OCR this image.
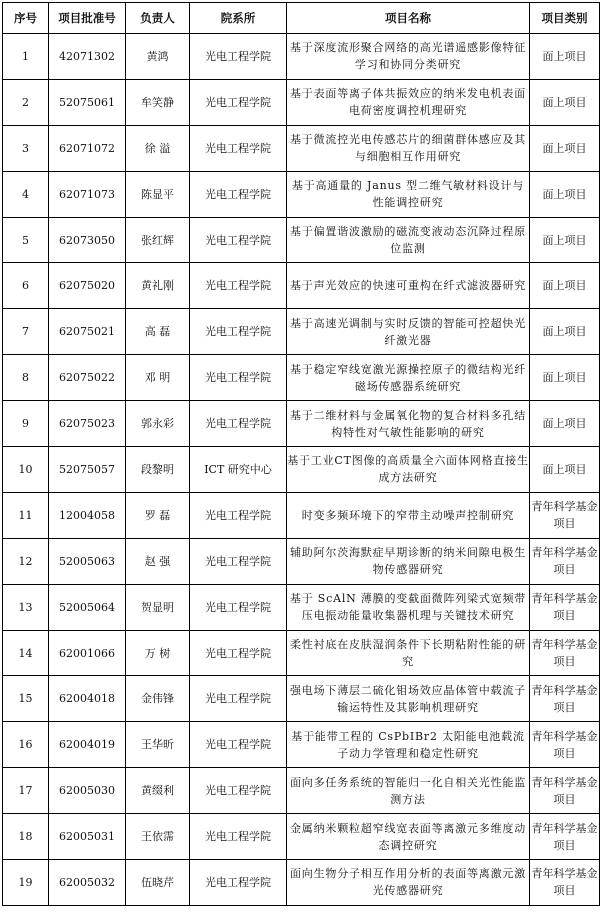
序号	项目批准号	负责人	院系所	项目名称	项目类别
1	42071302	黄鸿	光电工程学院	基于深度流形聚合网络的高光谱遥感影像特征学习和协同分类研究	面上项目
2	52075061	牟笑静	光电工程学院	基于表面等离子体共振效应的纳米发电机表面电荷密度调控机理研究	面上项目
3	62071072	徐 溢	光电工程学院	基于微流控光电传感芯片的细菌群体感应及其与细胞相互作用研究	面上项目
4	62071073	陈显平	光电工程学院	基于高通量的 Janus 型二维气敏材料设计与性能调控研究	面上项目
5	62073050	张红辉	光电工程学院	基于偏置谐波激励的磁流变液动态沉降过程原位监测	面上项目
6	62075020	黄礼刚	光电工程学院	基于声光效应的快速可重构在纤式滤波器研究	面上项目
7	62075021	高 磊	光电工程学院	基于高速光调制与实时反馈的智能可控超快光纤激光器	面上项目
8	62075022	邓 明	光电工程学院	基于稳定窄线宽激光源操控原子的微结构光纤磁场传感器系统研究	面上项目
9	62075023	郭永彩	光电工程学院	基于二维材料与金属氧化物的复合材料多孔结构特性对气敏性能影响的研究	面上项目
10	52075057	段黎明	ICT 研究中心	基于工业CT图像的高质量全六面体网格直接生成方法研究	面上项目
11	12004058	罗 磊	光电工程学院	时变多频环境下的窄带主动噪声控制研究	青年科学基金项目
12	52005063	赵 强	光电工程学院	辅助阿尔茨海默症早期诊断的纳米间隙电极生物传感器研究	青年科学基金项目
13	52005064	贺显明	光电工程学院	基于 ScAlN 薄膜的变截面微阵列梁式宽频带压电振动能量收集器机理与关键技术研究	青年科学基金项目
14	62001066	万 树	光电工程学院	柔性衬底在皮肤湿润条件下长期粘附性能的研究	青年科学基金项目
15	62004018	金伟锋	光电工程学院	强电场下薄层二硫化钼场效应晶体管中载流子输运特性及其影响机理研究	青年科学基金项目
16	62004019	王华昕	光电工程学院	基于能带工程的 CsPbIBr2 太阳能电池载流子动力学管理和稳定性研究	青年科学基金项目
17	62005030	黄缀利	光电工程学院	面向多任务系统的智能归一化自相关光性能监测方法	青年科学基金项目
18	62005031	王依霈	光电工程学院	金属纳米颗粒超窄线宽表面等离激元多维度动态调控研究	青年科学基金项目
19	62005032	伍晓芹	光电工程学院	面向生物分子相互作用分析的表面等离激元激光传感器研究	青年科学基金项目
